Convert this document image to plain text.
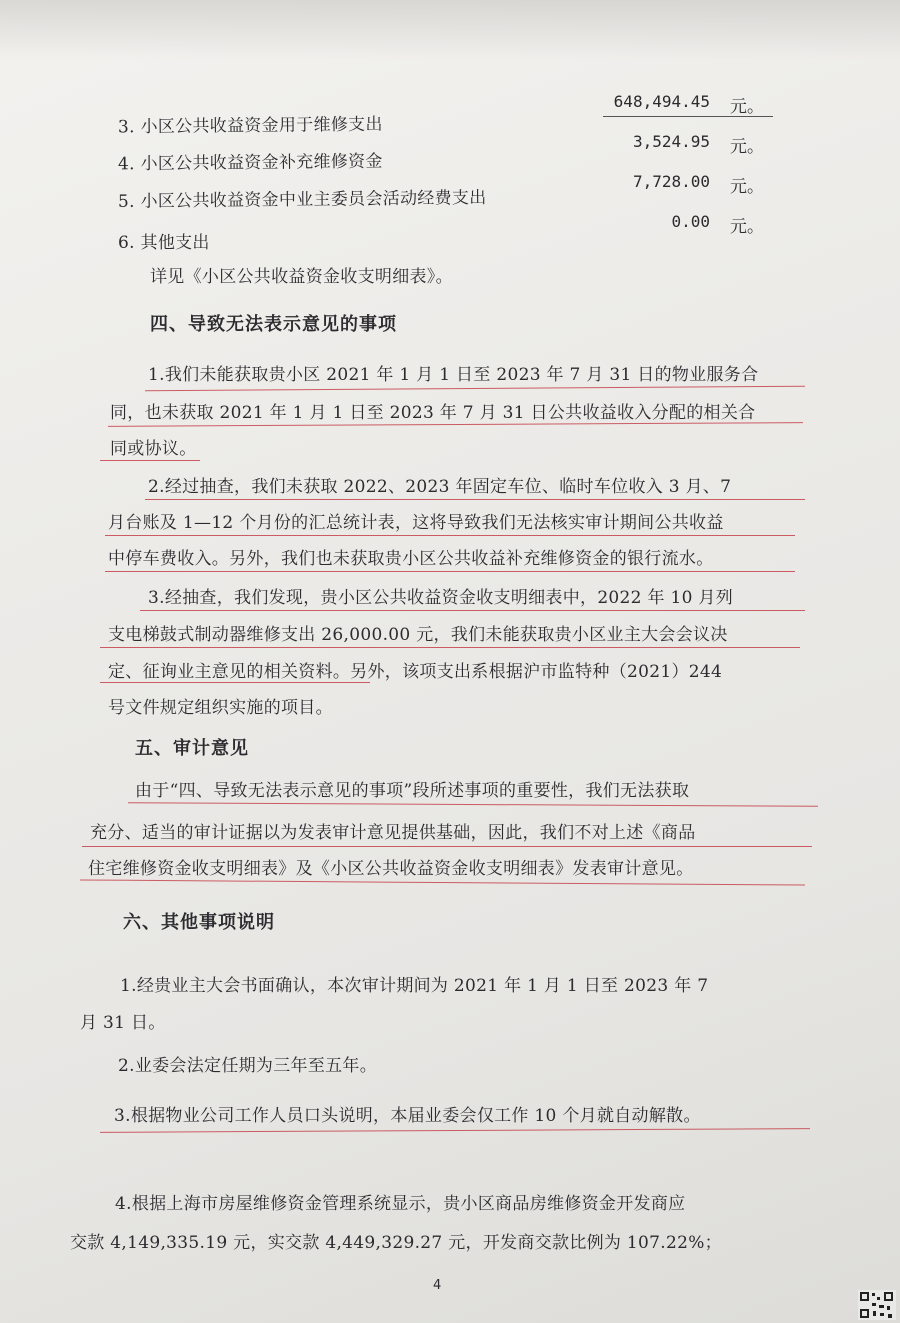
3. 小区公共收益资金用于维修支出
648,494.45 元。
4. 小区公共收益资金补充维修资金
3,524.95 元。
5. 小区公共收益资金中业主委员会活动经费支出
7,728.00 元。
6. 其他支出
0.00 元。
详见《小区公共收益资金收支明细表》。
四、导致无法表示意见的事项
1.我们未能获取贵小区 2021 年 1 月 1 日至 2023 年 7 月 31 日的物业服务合
同，也未获取 2021 年 1 月 1 日至 2023 年 7 月 31 日公共收益收入分配的相关合
同或协议。
2.经过抽查，我们未获取 2022、2023 年固定车位、临时车位收入 3 月、7
月台账及 1—12 个月份的汇总统计表，这将导致我们无法核实审计期间公共收益
中停车费收入。另外，我们也未获取贵小区公共收益补充维修资金的银行流水。
3.经抽查，我们发现，贵小区公共收益资金收支明细表中，2022 年 10 月列
支电梯鼓式制动器维修支出 26,000.00 元，我们未能获取贵小区业主大会会议决
定、征询业主意见的相关资料。另外，该项支出系根据沪市监特种（2021）244
号文件规定组织实施的项目。
五、审计意见
由于“四、导致无法表示意见的事项”段所述事项的重要性，我们无法获取
充分、适当的审计证据以为发表审计意见提供基础，因此，我们不对上述《商品
住宅维修资金收支明细表》及《小区公共收益资金收支明细表》发表审计意见。
六、其他事项说明
1.经贵业主大会书面确认，本次审计期间为 2021 年 1 月 1 日至 2023 年 7
月 31 日。
2.业委会法定任期为三年至五年。
3.根据物业公司工作人员口头说明，本届业委会仅工作 10 个月就自动解散。
4.根据上海市房屋维修资金管理系统显示，贵小区商品房维修资金开发商应
交款 4,149,335.19 元，实交款 4,449,329.27 元，开发商交款比例为 107.22%；
4
